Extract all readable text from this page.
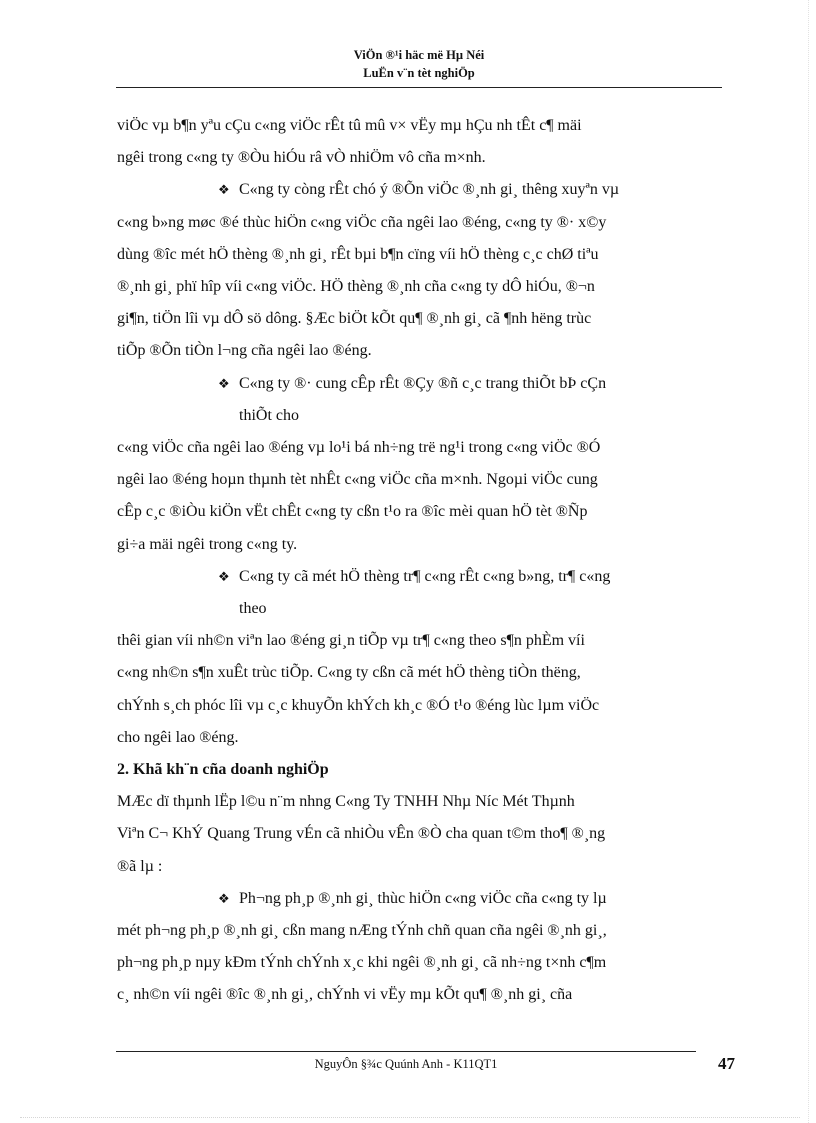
ViÖn ®¹i häc më Hµ Néi
LuËn v¨n tèt nghiÖp
viÖc vµ b¶n yªu cÇu c«ng viÖc rÊt tû mû v× vËy mµ hÇu nh tÊt c¶ mäi
ngêi trong c«ng ty ®Òu hiÓu râ vÒ nhiÖm vô cña m×nh.
❖ C«ng ty còng rÊt chó ý ®Õn viÖc ®¸nh gi¸ thêng xuyªn vµ
c«ng b»ng møc ®é thùc hiÖn c«ng viÖc cña ngêi lao ®éng, c«ng ty ®· x©y
dùng ®îc mét hÖ thèng ®¸nh gi¸ rÊt bµi b¶n cïng víi hÖ thèng c¸c chØ tiªu
®¸nh gi¸ phï hîp víi c«ng viÖc. HÖ thèng ®¸nh cña c«ng ty dÔ hiÓu, ®¬n
gi¶n, tiÖn lîi vµ dÔ sö dông. §Æc biÖt kÕt qu¶ ®¸nh gi¸ cã ¶nh hëng trùc
tiÕp ®Õn tiÒn l¬ng cña ngêi lao ®éng.
❖ C«ng ty ®· cung cÊp rÊt ®Çy ®ñ c¸c trang thiÕt bÞ cÇn
thiÕt cho
c«ng viÖc cña ngêi lao ®éng vµ lo¹i bá nh÷ng trë ng¹i trong c«ng viÖc ®Ó
ngêi lao ®éng hoµn thµnh tèt nhÊt c«ng viÖc cña m×nh. Ngoµi viÖc cung
cÊp c¸c ®iÒu kiÖn vËt chÊt c«ng ty cßn t¹o ra ®îc mèi quan hÖ tèt ®Ñp
gi÷a mäi ngêi trong c«ng ty.
❖ C«ng ty cã mét hÖ thèng tr¶ c«ng rÊt c«ng b»ng, tr¶ c«ng
theo
thêi gian víi nh©n viªn lao ®éng gi¸n tiÕp vµ tr¶ c«ng theo s¶n phÈm víi
c«ng nh©n s¶n xuÊt trùc tiÕp. C«ng ty cßn cã mét hÖ thèng tiÒn thëng,
chÝnh s¸ch phóc lîi vµ c¸c khuyÕn khÝch kh¸c ®Ó t¹o ®éng lùc lµm viÖc
cho ngêi lao ®éng.
2. Khã kh¨n cña doanh nghiÖp
MÆc dï thµnh lËp l©u n¨m nhng C«ng Ty TNHH Nhµ Níc Mét Thµnh
Viªn C¬ KhÝ Quang Trung vÉn cã nhiÒu vÊn ®Ò cha quan t©m tho¶ ®¸ng
®ã lµ :
❖ Ph¬ng ph¸p ®¸nh gi¸ thùc hiÖn c«ng viÖc cña c«ng ty lµ
mét ph¬ng ph¸p ®¸nh gi¸ cßn mang nÆng tÝnh chñ quan cña ngêi ®¸nh gi¸,
ph¬ng ph¸p nµy kÐm tÝnh chÝnh x¸c khi ngêi ®¸nh gi¸ cã nh÷ng t×nh c¶m
c¸ nh©n víi ngêi ®îc ®¸nh gi¸, chÝnh vi vËy mµ kÕt qu¶ ®¸nh gi¸ cña
NguyÔn §¾c Quúnh Anh - K11QT1	47
